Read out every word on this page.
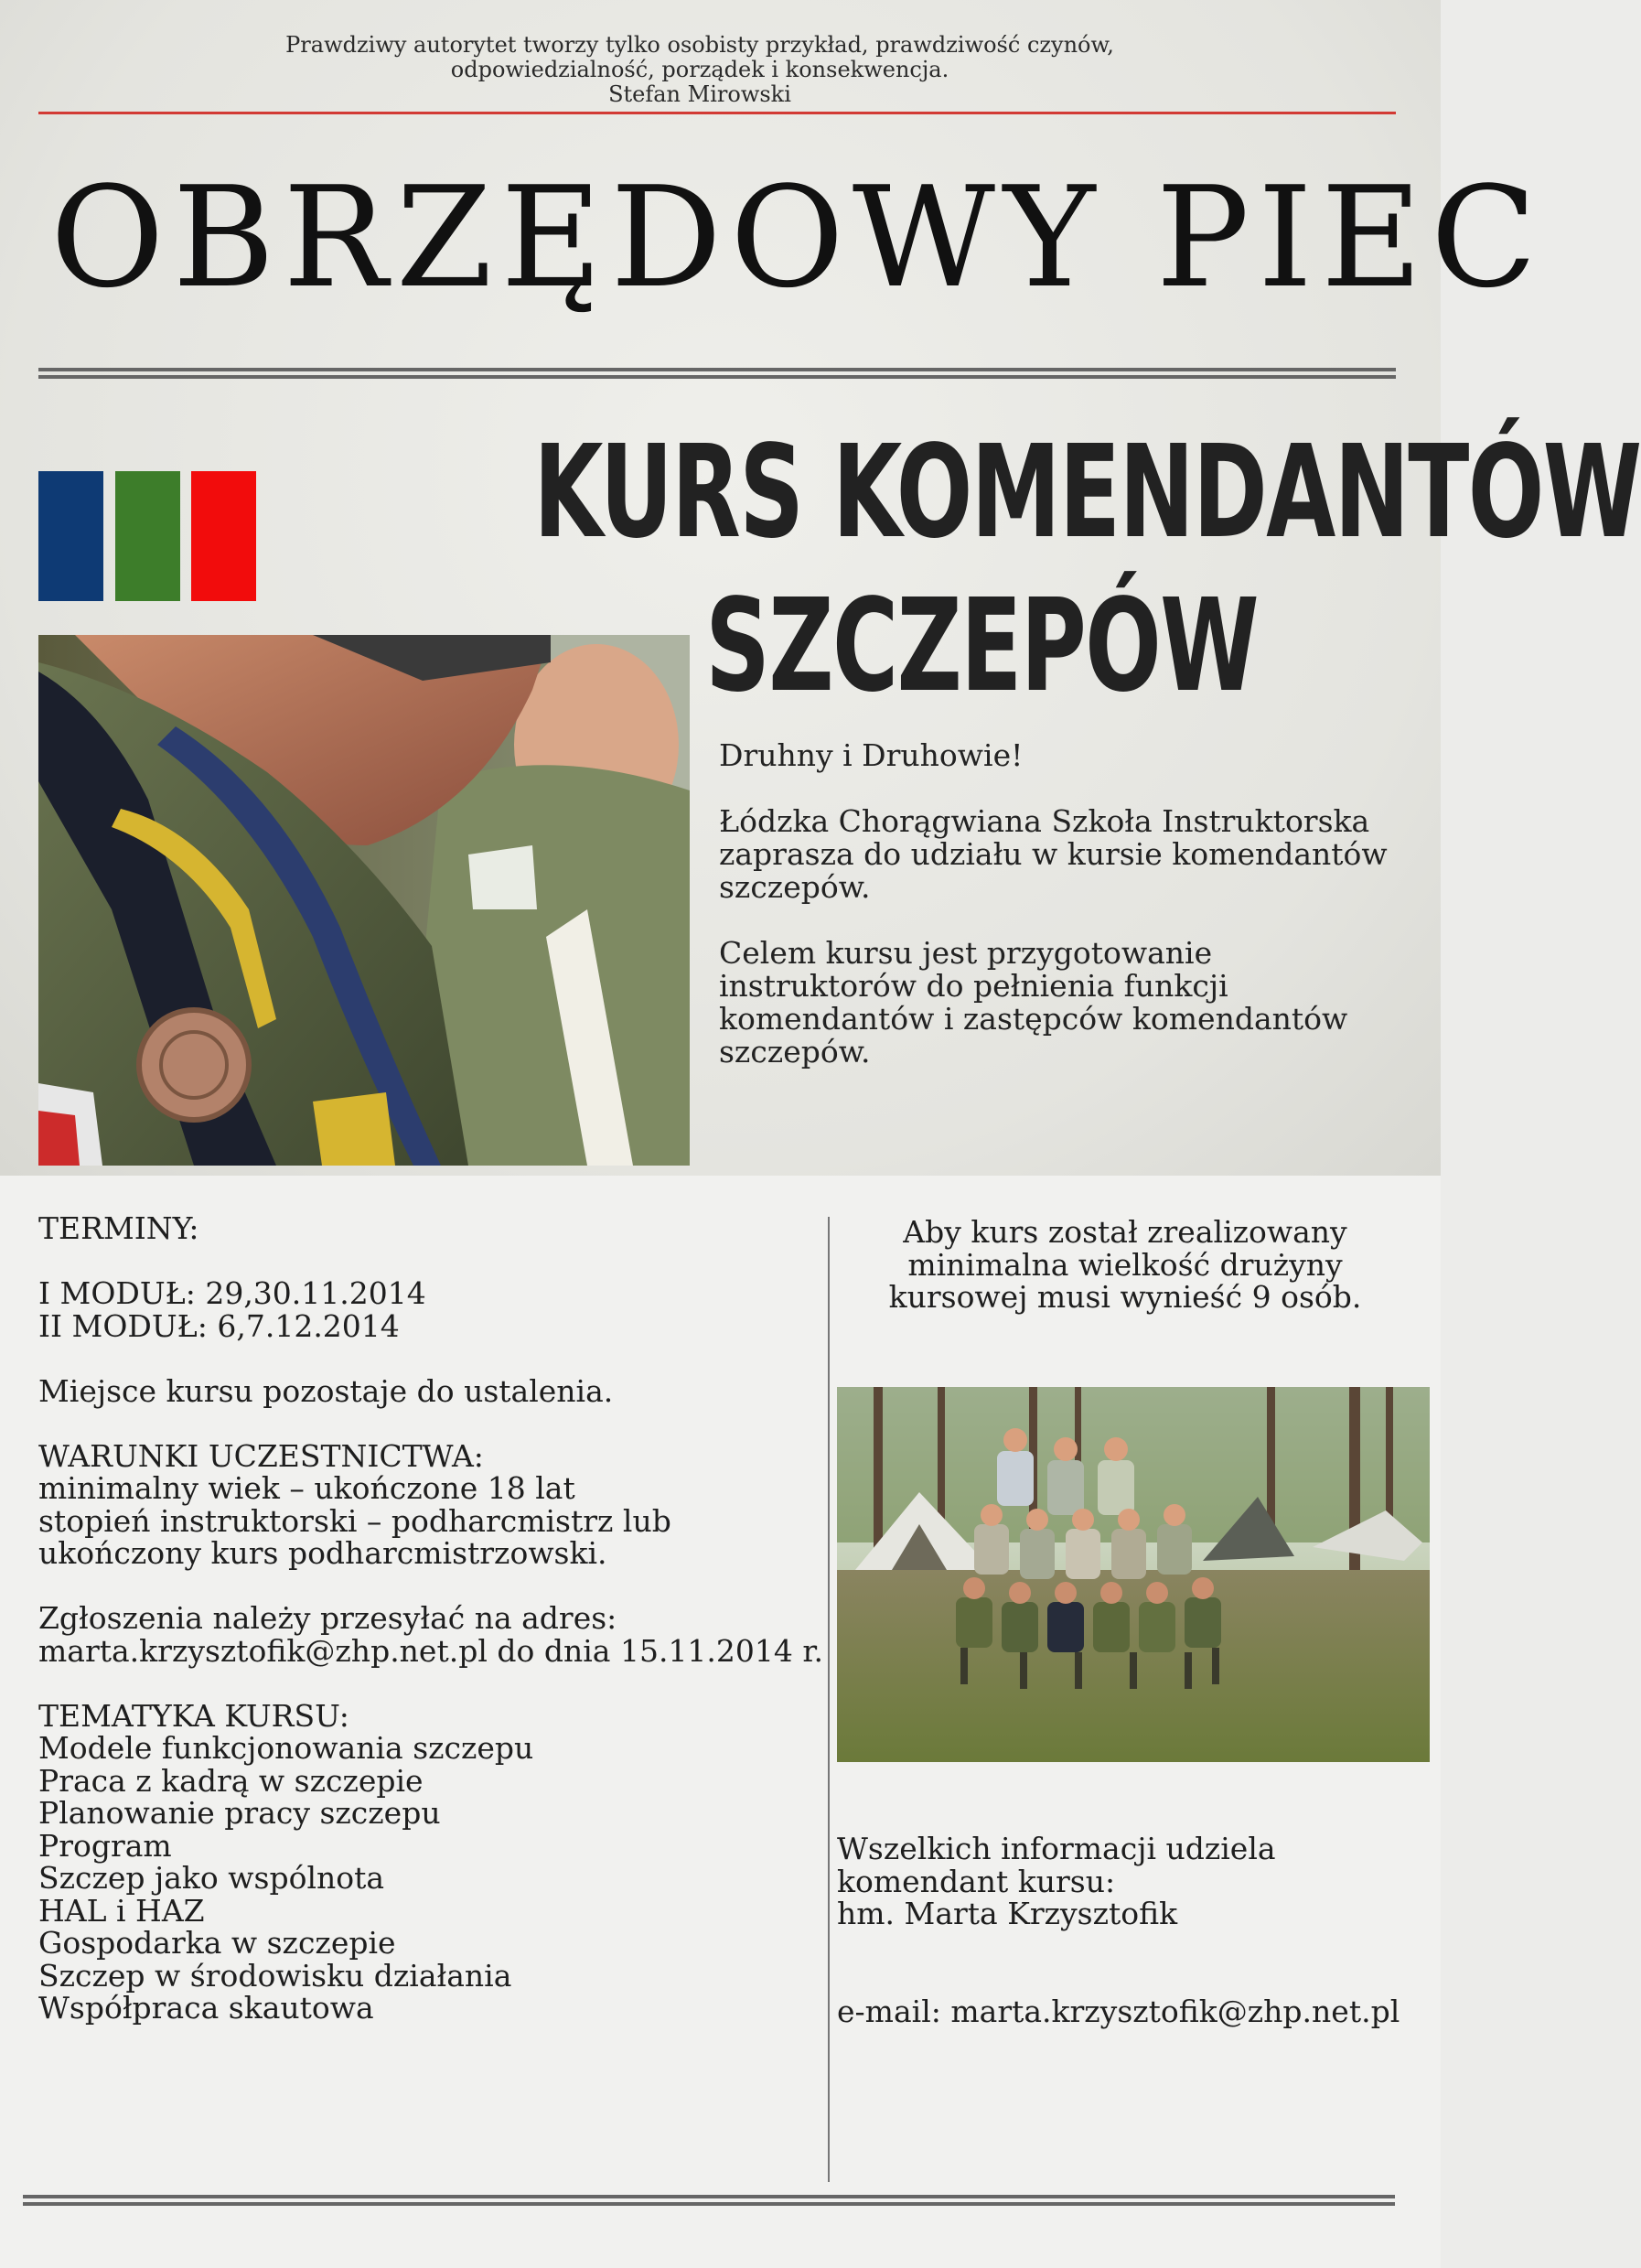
Prawdziwy autorytet tworzy tylko osobisty przykład, prawdziwość czynów,
odpowiedzialność, porządek i konsekwencja.
Stefan Mirowski
OBRZĘDOWY PIEC
KURS KOMENDANTÓW
SZCZEPÓW

Druhny i Druhowie!

Łódzka Chorągwiana Szkoła Instruktorska zaprasza do udziału w kursie komendantów szczepów.

Celem kursu jest przygotowanie instruktorów do pełnienia funkcji komendantów i zastępców komendantów szczepów.

TERMINY:
I MODUŁ: 29,30.11.2014
II MODUŁ: 6,7.12.2014
Miejsce kursu pozostaje do ustalenia.
WARUNKI UCZESTNICTWA:
minimalny wiek – ukończone 18 lat
stopień instruktorski – podharcmistrz lub
ukończony kurs podharcmistrzowski.
Zgłoszenia należy przesyłać na adres:
marta.krzysztofik@zhp.net.pl do dnia 15.11.2014 r.
TEMATYKA KURSU:
Modele funkcjonowania szczepu
Praca z kadrą w szczepie
Planowanie pracy szczepu
Program
Szczep jako wspólnota
HAL i HAZ
Gospodarka w szczepie
Szczep w środowisku działania
Współpraca skautowa
Aby kurs został zrealizowany
minimalna wielkość drużyny
kursowej musi wynieść 9 osób.
Wszelkich informacji udziela
komendant kursu:
hm. Marta Krzysztofik
e-mail: marta.krzysztofik@zhp.net.pl
